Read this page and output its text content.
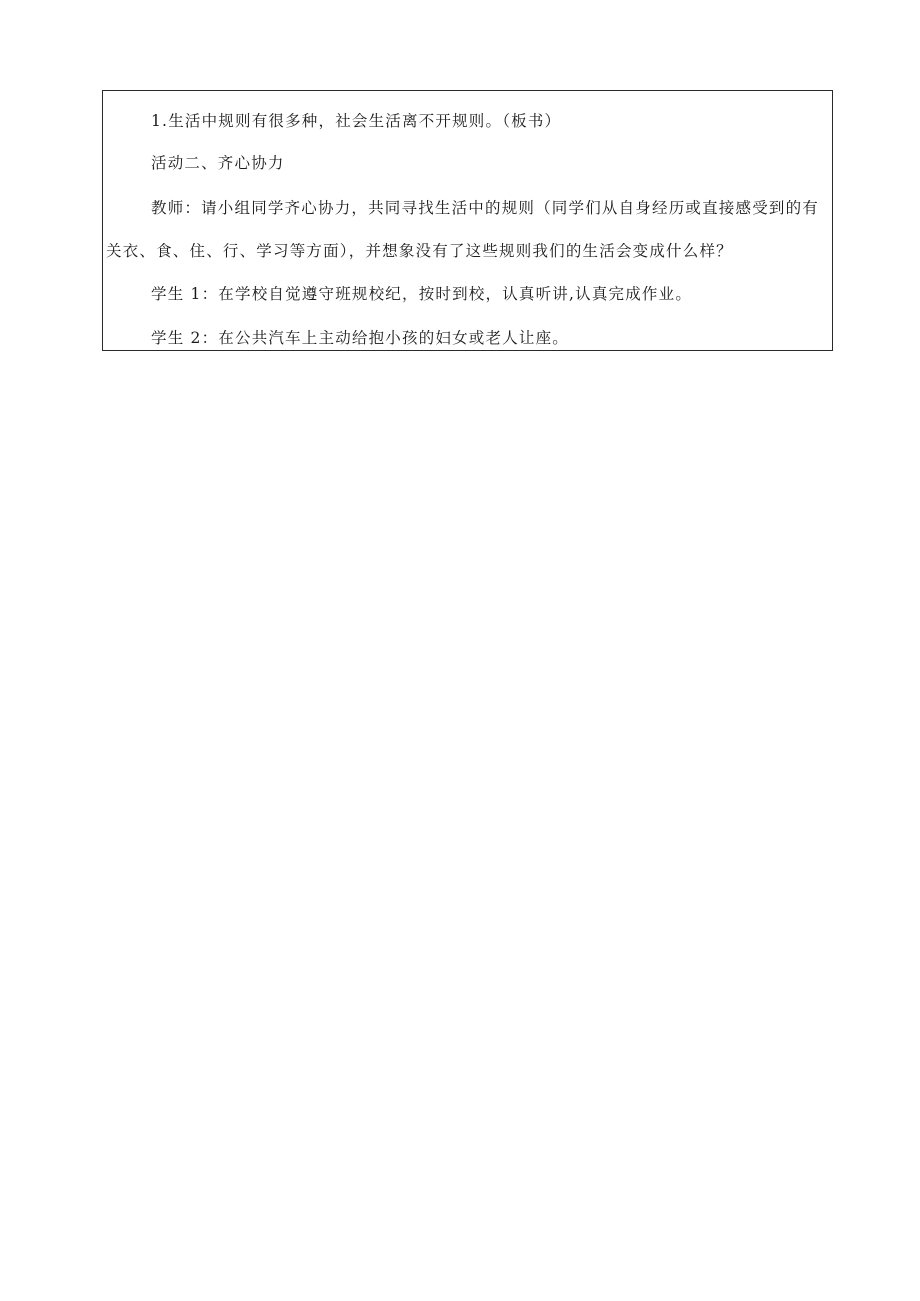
1.生活中规则有很多种，社会生活离不开规则。（板书）
活动二、齐心协力
教师：请小组同学齐心协力，共同寻找生活中的规则（同学们从自身经历或直接感受到的有
关衣、食、住、行、学习等方面），并想象没有了这些规则我们的生活会变成什么样？
学生 1：在学校自觉遵守班规校纪，按时到校，认真听讲,认真完成作业。
学生 2：在公共汽车上主动给抱小孩的妇女或老人让座。
